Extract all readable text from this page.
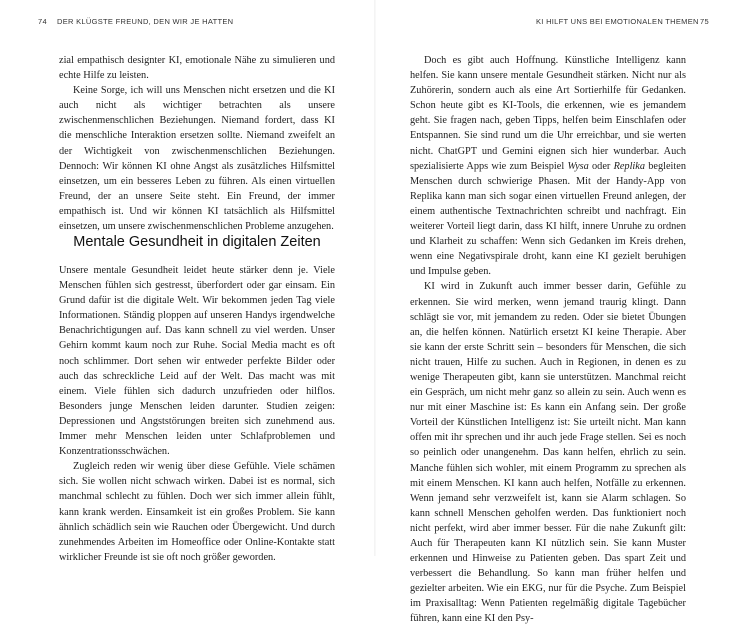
74 DER KLÜGSTE FREUND, DEN WIR JE HATTEN

zial empathisch designter KI, emotionale Nähe zu simulieren und echte Hilfe zu leisten.

Keine Sorge, ich will uns Menschen nicht ersetzen und die KI auch nicht als wichtiger betrachten als unsere zwischenmenschlichen Beziehungen. Niemand fordert, dass KI die menschliche Interaktion ersetzen sollte. Niemand zweifelt an der Wichtigkeit von zwischenmenschlichen Beziehungen. Dennoch: Wir können KI ohne Angst als zusätzliches Hilfsmittel einsetzen, um ein besseres Leben zu führen. Als einen virtuellen Freund, der an unsere Seite steht. Ein Freund, der immer empathisch ist. Und wir können KI tatsächlich als Hilfsmittel einsetzen, um unsere zwischenmenschlichen Probleme anzugehen.

Mentale Gesundheit in digitalen Zeiten

Unsere mentale Gesundheit leidet heute stärker denn je. Viele Menschen fühlen sich gestresst, überfordert oder gar einsam. Ein Grund dafür ist die digitale Welt. Wir bekommen jeden Tag viele Informationen. Ständig ploppen auf unseren Handys irgendwelche Benachrichtigungen auf. Das kann schnell zu viel werden. Unser Gehirn kommt kaum noch zur Ruhe. Social Media macht es oft noch schlimmer. Dort sehen wir entweder perfekte Bilder oder auch das schreckliche Leid auf der Welt. Das macht was mit einem. Viele fühlen sich dadurch unzufrieden oder hilflos. Besonders junge Menschen leiden darunter. Studien zeigen: Depressionen und Angststörungen breiten sich zunehmend aus. Immer mehr Menschen leiden unter Schlafproblemen und Konzentrationsschwächen.

Zugleich reden wir wenig über diese Gefühle. Viele schämen sich. Sie wollen nicht schwach wirken. Dabei ist es normal, sich manchmal schlecht zu fühlen. Doch wer sich immer allein fühlt, kann krank werden. Einsamkeit ist ein großes Problem. Sie kann ähnlich schädlich sein wie Rauchen oder Übergewicht. Und durch zunehmendes Arbeiten im Homeoffice oder Online-Kontakte statt wirklicher Freunde ist sie oft noch größer geworden.

KI HILFT UNS BEI EMOTIONALEN THEMEN 75

Doch es gibt auch Hoffnung. Künstliche Intelligenz kann helfen. Sie kann unsere mentale Gesundheit stärken. Nicht nur als Zuhörerin, sondern auch als eine Art Sortierhilfe für Gedanken. Schon heute gibt es KI-Tools, die erkennen, wie es jemandem geht. Sie fragen nach, geben Tipps, helfen beim Einschlafen oder Entspannen. Sie sind rund um die Uhr erreichbar, und sie werten nicht. ChatGPT und Gemini eignen sich hier wunderbar. Auch spezialisierte Apps wie zum Beispiel Wysa oder Replika begleiten Menschen durch schwierige Phasen. Mit der Handy-App von Replika kann man sich sogar einen virtuellen Freund anlegen, der einem authentische Textnachrichten schreibt und nachfragt. Ein weiterer Vorteil liegt darin, dass KI hilft, innere Unruhe zu ordnen und Klarheit zu schaffen: Wenn sich Gedanken im Kreis drehen, wenn eine Negativspirale droht, kann eine KI gezielt beruhigen und Impulse geben.

KI wird in Zukunft auch immer besser darin, Gefühle zu erkennen. Sie wird merken, wenn jemand traurig klingt. Dann schlägt sie vor, mit jemandem zu reden. Oder sie bietet Übungen an, die helfen können. Natürlich ersetzt KI keine Therapie. Aber sie kann der erste Schritt sein – besonders für Menschen, die sich nicht trauen, Hilfe zu suchen. Auch in Regionen, in denen es zu wenige Therapeuten gibt, kann sie unterstützen. Manchmal reicht ein Gespräch, um nicht mehr ganz so allein zu sein. Auch wenn es nur mit einer Maschine ist: Es kann ein Anfang sein. Der große Vorteil der Künstlichen Intelligenz ist: Sie urteilt nicht. Man kann offen mit ihr sprechen und ihr auch jede Frage stellen. Sei es noch so peinlich oder unangenehm. Das kann helfen, ehrlich zu sein. Manche fühlen sich wohler, mit einem Programm zu sprechen als mit einem Menschen. KI kann auch helfen, Notfälle zu erkennen. Wenn jemand sehr verzweifelt ist, kann sie Alarm schlagen. So kann schnell Menschen geholfen werden. Das funktioniert noch nicht perfekt, wird aber immer besser. Für die nahe Zukunft gilt: Auch für Therapeuten kann KI nützlich sein. Sie kann Muster erkennen und Hinweise zu Patienten geben. Das spart Zeit und verbessert die Behandlung. So kann man früher helfen und gezielter arbeiten. Wie ein EKG, nur für die Psyche. Zum Beispiel im Praxisalltag: Wenn Patienten regelmäßig digitale Tagebücher führen, kann eine KI den Psy-
